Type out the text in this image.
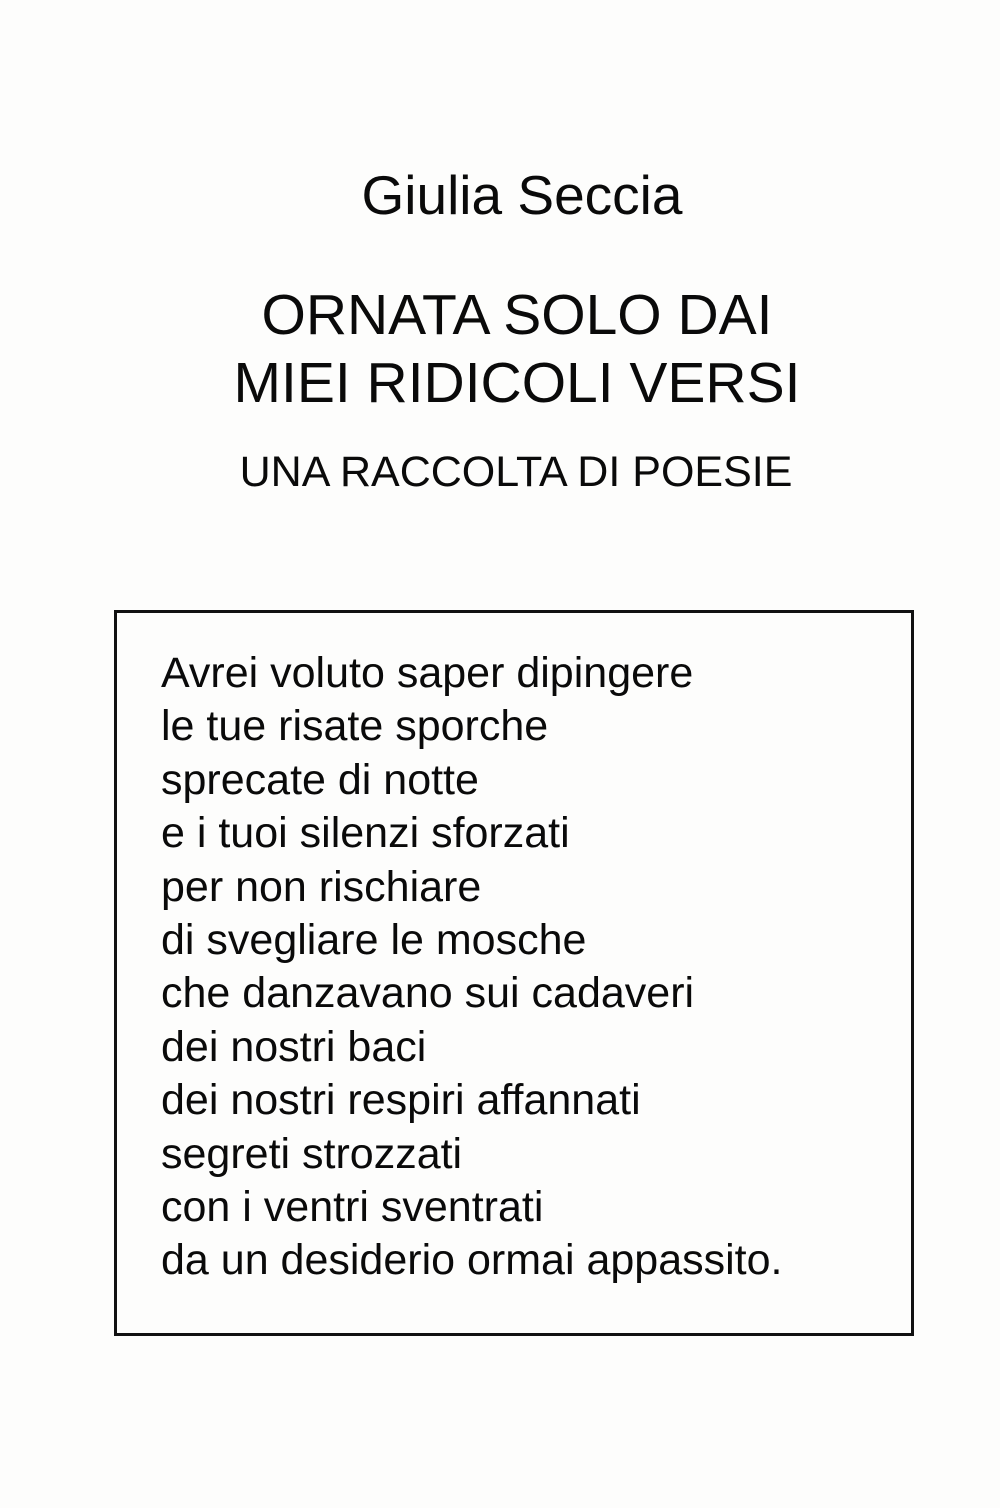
Giulia Seccia
ORNATA SOLO DAI
MIEI RIDICOLI VERSI
UNA RACCOLTA DI POESIE
Avrei voluto saper dipingere
le tue risate sporche
sprecate di notte
e i tuoi silenzi sforzati
per non rischiare
di svegliare le mosche
che danzavano sui cadaveri
dei nostri baci
dei nostri respiri affannati
segreti strozzati
con i ventri sventrati
da un desiderio ormai appassito.
